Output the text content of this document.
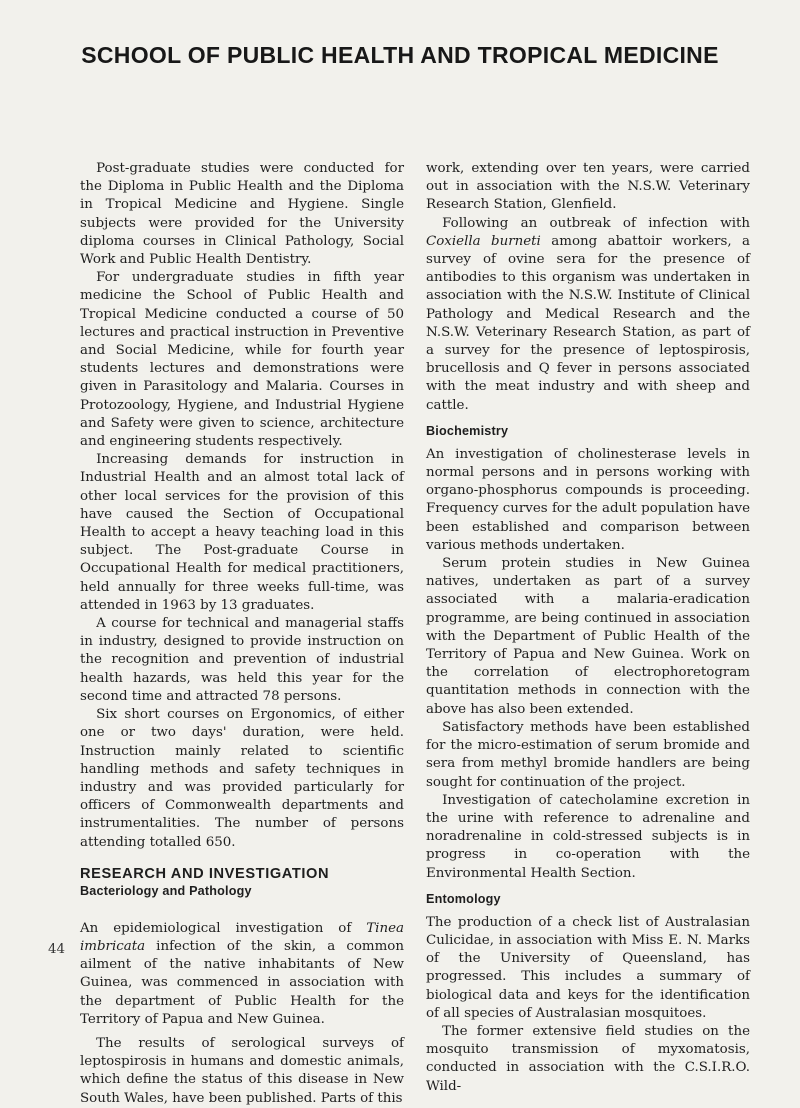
SCHOOL OF PUBLIC HEALTH AND TROPICAL MEDICINE

Post-graduate studies were conducted for the Diploma in Public Health and the Diploma in Tropical Medicine and Hygiene. Single subjects were provided for the University diploma courses in Clinical Pathology, Social Work and Public Health Dentistry.

For undergraduate studies in fifth year medicine the School of Public Health and Tropical Medicine conducted a course of 50 lectures and practical instruction in Preventive and Social Medicine, while for fourth year students lectures and demonstrations were given in Parasitology and Malaria. Courses in Protozoology, Hygiene, and Industrial Hygiene and Safety were given to science, architecture and engineering students respectively.

Increasing demands for instruction in Industrial Health and an almost total lack of other local services for the provision of this have caused the Section of Occupational Health to accept a heavy teaching load in this subject. The Post-graduate Course in Occupational Health for medical practitioners, held annually for three weeks full-time, was attended in 1963 by 13 graduates.

A course for technical and managerial staffs in industry, designed to provide instruction on the recognition and prevention of industrial health hazards, was held this year for the second time and attracted 78 persons.

Six short courses on Ergonomics, of either one or two days' duration, were held. Instruction mainly related to scientific handling methods and safety techniques in industry and was provided particularly for officers of Commonwealth departments and instrumentalities. The number of persons attending totalled 650.

RESEARCH AND INVESTIGATION
Bacteriology and Pathology

An epidemiological investigation of Tinea imbricata infection of the skin, a common ailment of the native inhabitants of New Guinea, was commenced in association with the department of Public Health for the Territory of Papua and New Guinea.

The results of serological surveys of leptospirosis in humans and domestic animals, which define the status of this disease in New South Wales, have been published. Parts of this

work, extending over ten years, were carried out in association with the N.S.W. Veterinary Research Station, Glenfield.

Following an outbreak of infection with Coxiella burneti among abattoir workers, a survey of ovine sera for the presence of antibodies to this organism was undertaken in association with the N.S.W. Institute of Clinical Pathology and Medical Research and the N.S.W. Veterinary Research Station, as part of a survey for the presence of leptospirosis, brucellosis and Q fever in persons associated with the meat industry and with sheep and cattle.

Biochemistry

An investigation of cholinesterase levels in normal persons and in persons working with organo-phosphorus compounds is proceeding. Frequency curves for the adult population have been established and comparison between various methods undertaken.

Serum protein studies in New Guinea natives, undertaken as part of a survey associated with a malaria-eradication programme, are being continued in association with the Department of Public Health of the Territory of Papua and New Guinea. Work on the correlation of electrophoretogram quantitation methods in connection with the above has also been extended.

Satisfactory methods have been established for the micro-estimation of serum bromide and sera from methyl bromide handlers are being sought for continuation of the project.

Investigation of catecholamine excretion in the urine with reference to adrenaline and noradrenaline in cold-stressed subjects is in progress in co-operation with the Environmental Health Section.

Entomology

The production of a check list of Australasian Culicidae, in association with Miss E. N. Marks of the University of Queensland, has progressed. This includes a summary of biological data and keys for the identification of all species of Australasian mosquitoes.

The former extensive field studies on the mosquito transmission of myxomatosis, conducted in association with the C.S.I.R.O. Wild-

44
